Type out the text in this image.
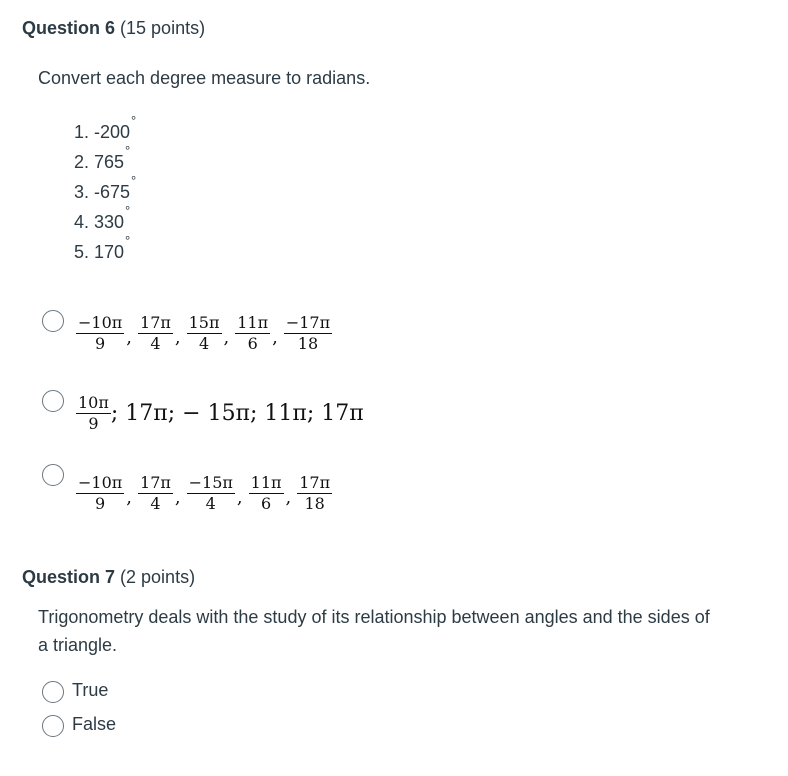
Question 6 (15 points)
Convert each degree measure to radians.
1. -200°
2. 765°
3. -675°
4. 330°
5. 170°
$\frac{-10\pi}{9}$ , $\frac{17\pi}{4}$ , $\frac{15\pi}{4}$ , $\frac{11\pi}{6}$ , $\frac{-17\pi}{18}$
$\frac{10\pi}{9}$ ; 17π; − 15π; 11π; 17π
$\frac{-10\pi}{9}$ , $\frac{17\pi}{4}$ , $\frac{-15\pi}{4}$ , $\frac{11\pi}{6}$ , $\frac{17\pi}{18}$
Question 7 (2 points)
Trigonometry deals with the study of its relationship between angles and the sides of
a triangle.
True
False
